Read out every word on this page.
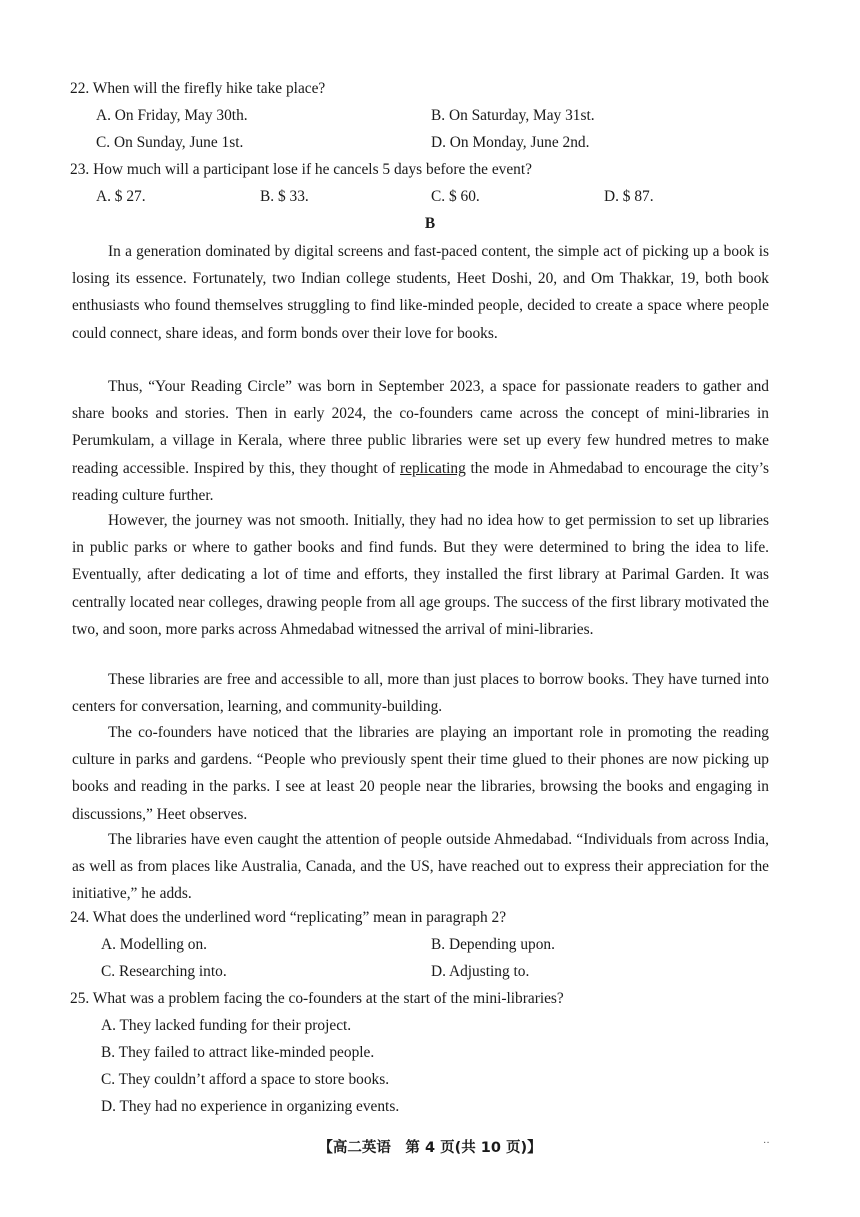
22. When will the firefly hike take place?
A. On Friday, May 30th.	B. On Saturday, May 31st.
C. On Sunday, June 1st.	D. On Monday, June 2nd.
23. How much will a participant lose if he cancels 5 days before the event?
A. $ 27.	B. $ 33.	C. $ 60.	D. $ 87.
B

In a generation dominated by digital screens and fast-paced content, the simple act of picking up a book is losing its essence. Fortunately, two Indian college students, Heet Doshi, 20, and Om Thakkar, 19, both book enthusiasts who found themselves struggling to find like-minded people, decided to create a space where people could connect, share ideas, and form bonds over their love for books.

Thus, “Your Reading Circle” was born in September 2023, a space for passionate readers to gather and share books and stories. Then in early 2024, the co-founders came across the concept of mini-libraries in Perumkulam, a village in Kerala, where three public libraries were set up every few hundred metres to make reading accessible. Inspired by this, they thought of replicating the mode in Ahmedabad to encourage the city’s reading culture further.

However, the journey was not smooth. Initially, they had no idea how to get permission to set up libraries in public parks or where to gather books and find funds. But they were determined to bring the idea to life. Eventually, after dedicating a lot of time and efforts, they installed the first library at Parimal Garden. It was centrally located near colleges, drawing people from all age groups. The success of the first library motivated the two, and soon, more parks across Ahmedabad witnessed the arrival of mini-libraries.

These libraries are free and accessible to all, more than just places to borrow books. They have turned into centers for conversation, learning, and community-building.

The co-founders have noticed that the libraries are playing an important role in promoting the reading culture in parks and gardens. “People who previously spent their time glued to their phones are now picking up books and reading in the parks. I see at least 20 people near the libraries, browsing the books and engaging in discussions,” Heet observes.

The libraries have even caught the attention of people outside Ahmedabad. “Individuals from across India, as well as from places like Australia, Canada, and the US, have reached out to express their appreciation for the initiative,” he adds.

24. What does the underlined word “replicating” mean in paragraph 2?
A. Modelling on.	B. Depending upon.
C. Researching into.	D. Adjusting to.
25. What was a problem facing the co-founders at the start of the mini-libraries?
A. They lacked funding for their project.
B. They failed to attract like-minded people.
C. They couldn’t afford a space to store books.
D. They had no experience in organizing events.
【高二英语　第 4 页(共 10 页)】	··
